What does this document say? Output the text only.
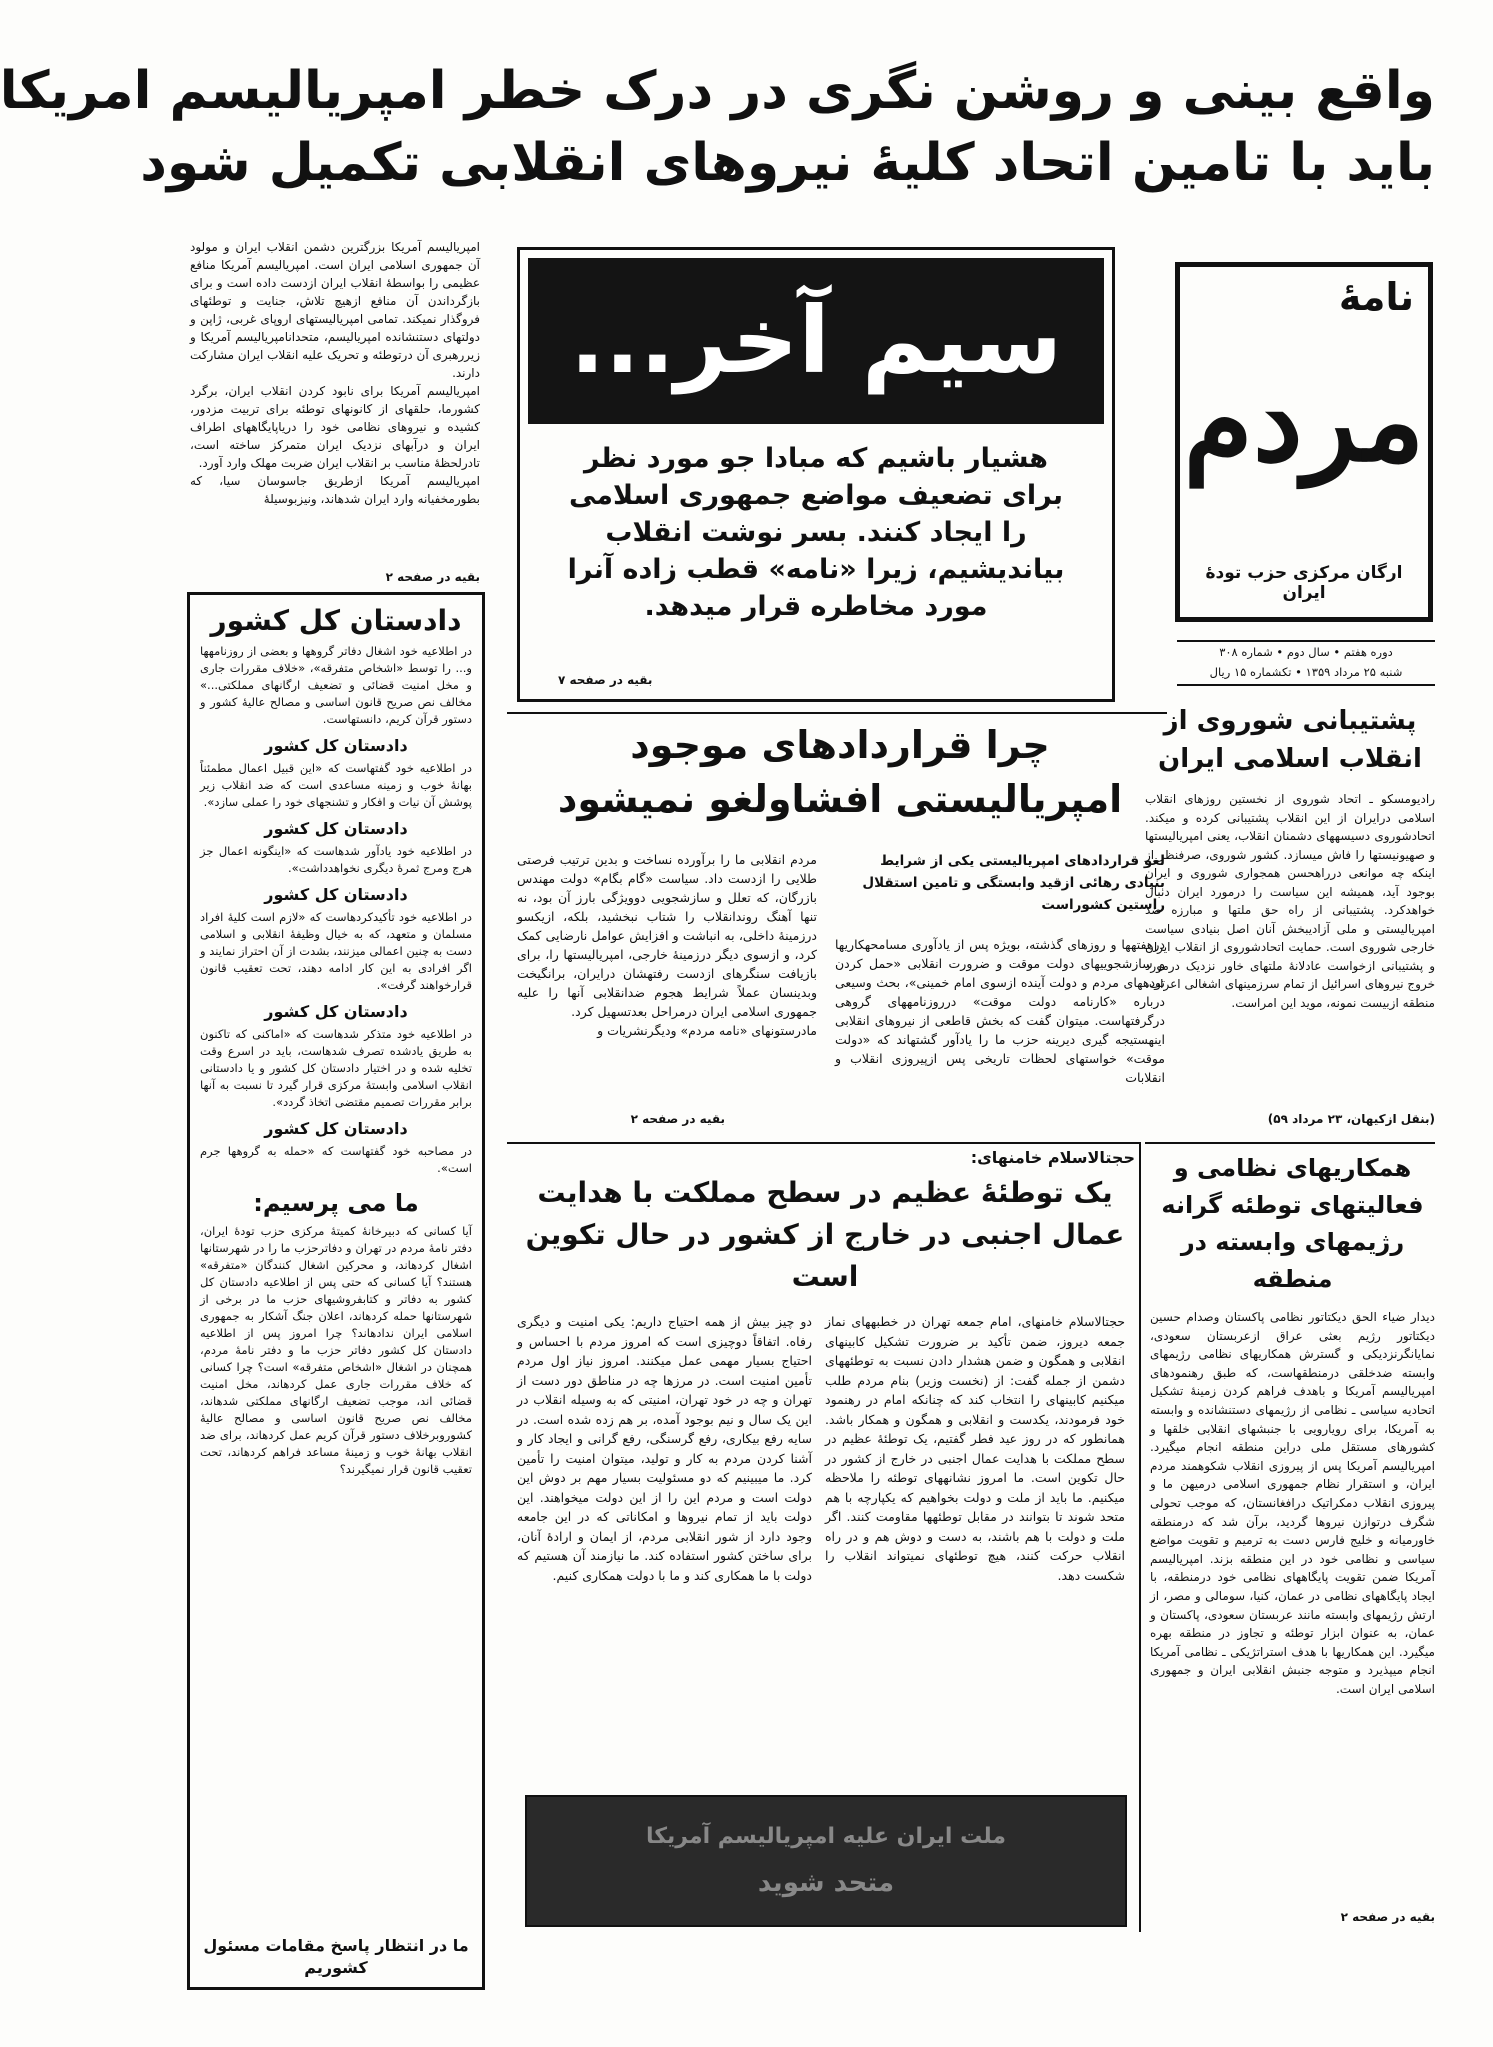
واقع بینی و روشن نگری در درک خطر امپریالیسم امریکا
باید با تامین اتحاد کلیهٔ نیروهای انقلابی تکمیل شود
نامهٔ
مردم
ارگان مرکزی حزب تودهٔ ایران
دوره هفتم • سال دوم • شماره ۳۰۸
شنبه ۲۵ مرداد ۱۳۵۹ • تکشماره ۱۵ ریال

امپریالیسم آمریکا بزرگترین دشمن انقلاب ایران و مولود آن جمهوری اسلامی ایران است. امپریالیسم آمریکا منافع عظیمی را بواسطهٔ انقلاب ایران ازدست داده است و برای بازگرداندن آن منافع ازهیچ تلاش، جنایت و توطئهای فروگذار نمیکند. تمامی امپریالیستهای اروپای غربی، ژاپن و دولتهای دستنشانده امپریالیسم، متحدانامپریالیسم آمریکا و زیررهبری آن درتوطئه و تحریک علیه انقلاب ایران مشارکت دارند.

امپریالیسم آمریکا برای نابود کردن انقلاب ایران، برگرد کشورما، حلقهای از کانونهای توطئه برای تربیت مزدور، کشیده و نیروهای نظامی خود را دریاپایگاههای اطراف ایران و درآبهای نزدیک ایران متمرکز ساخته است، تادرلحظهٔ مناسب بر انقلاب ایران ضربت مهلک وارد آورد.

امپریالیسم آمریکا ازطریق جاسوسان سیا، که بطورمخفیانه وارد ایران شدهاند، ونیزبوسیلهٔ

بقیه در صفحه ۲
سیم آخر...
هشیار باشیم که مبادا جو مورد نظر برای تضعیف مواضع جمهوری اسلامی را ایجاد کنند. بسر نوشت انقلاب بیاندیشیم، زیرا «نامه» قطب زاده آنرا مورد مخاطره قرار میدهد.
بقیه در صفحه ۷
دادستان کل کشور

در اطلاعیه خود اشغال دفاتر گروهها و بعضی از روزنامهها و... را توسط «اشخاص متفرقه»، «خلاف مقررات جاری و مخل امنیت قضائی و تضعیف ارگانهای مملکتی...» مخالف نص صریح قانون اساسی و مصالح عالیهٔ کشور و دستور قرآن کریم، دانستهاست.

دادستان کل کشور

در اطلاعیه خود گفتهاست که «این قبیل اعمال مطمئناً بهانهٔ خوب و زمینه مساعدی است که ضد انقلاب زیر پوشش آن نیات و افکار و تشنجهای خود را عملی سازد».

دادستان کل کشور

در اطلاعیه خود یادآور شدهاست که «اینگونه اعمال جز هرج ومرج ثمرهٔ دیگری نخواهدداشت».

دادستان کل کشور

در اطلاعیه خود تأکیدکردهاست که «لازم است کلیهٔ افراد مسلمان و متعهد، که به خیال وظیفهٔ انقلابی و اسلامی دست به چنین اعمالی میزنند، بشدت از آن احتراز نمایند و اگر افرادی به این کار ادامه دهند، تحت تعقیب قانون قرارخواهند گرفت».

دادستان کل کشور

در اطلاعیه خود متذکر شدهاست که «اماکنی که تاکنون به طریق یادشده تصرف شدهاست، باید در اسرع وقت تخلیه شده و در اختیار دادستان کل کشور و یا دادستانی انقلاب اسلامی وابستهٔ مرکزی قرار گیرد تا نسبت به آنها برابر مقررات تصمیم مقتضی اتخاذ گردد».

دادستان کل کشور

در مصاحبه خود گفتهاست که «حمله به گروهها جرم است».

ما می پرسیم:
آیا کسانی که دبیرخانهٔ کمیتهٔ مرکزی حزب تودهٔ ایران، دفتر نامهٔ مردم در تهران و دفاترحزب ما را در شهرستانها اشغال کردهاند، و محرکین اشغال کنندگان «متفرقه» هستند؟ آیا کسانی که حتی پس از اطلاعیه دادستان کل کشور به دفاتر و کتابفروشیهای حزب ما در برخی از شهرستانها حمله کردهاند، اعلان جنگ آشکار به جمهوری اسلامی ایران ندادهاند؟ چرا امروز پس از اطلاعیه دادستان کل کشور دفاتر حزب ما و دفتر نامهٔ مردم، همچنان در اشغال «اشخاص متفرقه» است؟ چرا کسانی که خلاف مقررات جاری عمل کردهاند، مخل امنیت قضائی اند، موجب تضعیف ارگانهای مملکتی شدهاند، مخالف نص صریح قانون اساسی و مصالح عالیهٔ کشوروبرخلاف دستور قرآن کریم عمل کردهاند، برای ضد انقلاب بهانهٔ خوب و زمینهٔ مساعد فراهم کردهاند، تحت تعقیب قانون قرار نمیگیرند؟
ما در انتظار پاسخ مقامات مسئول کشوریم
چرا قراردادهای موجود امپریالیستی افشاولغو نمیشود
لغو قراردادهای امپریالیستی یکی از شرایط بنیادی رهائی ازقید وابستگی و تامین استقلال راستین کشوراست

درهفتهها و روزهای گذشته، بویژه پس از یادآوری مسامحهکاریها و سازشجوییهای دولت موقت و ضرورت انقلابی «حمل کردن تودههای مردم و دولت آینده ازسوی امام خمینی»، بحث وسیعی درباره «کارنامه دولت موقت» درروزنامههای گروهی درگرفتهاست. میتوان گفت که بخش قاطعی از نیروهای انقلابی اینهستیجه گیری دیرینه حزب ما را یادآور گشتهاند که «دولت موقت» خواستهای لحظات تاریخی پس ازپیروزی انقلاب و انقلابات

مردم انقلابی ما را برآورده نساخت و بدین ترتیب فرصتی طلایی را ازدست داد. سیاست «گام بگام» دولت مهندس بازرگان، که تعلل و سازشجویی دوویژگی بارز آن بود، نه تنها آهنگ روندانقلاب را شتاب نبخشید، بلکه، ازیکسو درزمینهٔ داخلی، به انباشت و افزایش عوامل نارضایی کمک کرد، و ازسوی دیگر درزمینهٔ خارجی، امپریالیستها را، برای بازیافت سنگرهای ازدست رفتهشان درایران، برانگیخت وبدینسان عملاً شرایط هجوم ضدانقلابی آنها را علیه جمهوری اسلامی ایران درمراحل بعدتسهیل کرد.

مادرستونهای «نامه مردم» ودیگرنشریات و

بقیه در صفحه ۲
پشتیبانی شوروی از انقلاب اسلامی ایران

رادیومسکو ـ اتحاد شوروی از نخستین روزهای انقلاب اسلامی درایران از این انقلاب پشتیبانی کرده و میکند. اتحادشوروی دسیسههای دشمنان انقلاب، یعنی امپریالیستها و صهیونیستها را فاش میسازد. کشور شوروی، صرفنظر از اینکه چه موانعی درراهحسن همجواری شوروی و ایران بوجود آید، همیشه این سیاست را درمورد ایران دنبال خواهدکرد. پشتیبانی از راه حق ملتها و مبارزه ضد امپریالیستی و ملی آزادیبخش آنان اصل بنیادی سیاست خارجی شوروی است. حمایت اتحادشوروی از انقلاب ایران و پشتیبانی ازخواست عادلانهٔ ملتهای خاور نزدیک درمورد خروج نیروهای اسرائیل از تمام سرزمینهای اشغالی اعراب، منطقه ازبیست نمونه، موید این امراست.

(بنقل ازکیهان، ۲۳ مرداد ۵۹)
حجتالاسلام خامنهای:
یک توطئهٔ عظیم در سطح مملکت با هدایت عمال اجنبی در خارج از کشور در حال تکوین است

حجتالاسلام خامنهای، امام جمعه تهران در خطبههای نماز جمعه دیروز، ضمن تأکید بر ضرورت تشکیل کابینهای انقلابی و همگون و ضمن هشدار دادن نسبت به توطئههای دشمن از جمله گفت: از (نخست وزیر) بنام مردم طلب میکنیم کابینهای را انتخاب کند که چنانکه امام در رهنمود خود فرمودند، یکدست و انقلابی و همگون و همکار باشد. همانطور که در روز عید فطر گفتیم، یک توطئهٔ عظیم در سطح مملکت با هدایت عمال اجنبی در خارج از کشور در حال تکوین است. ما امروز نشانههای توطئه را ملاحظه میکنیم. ما باید از ملت و دولت بخواهیم که یکپارچه با هم متحد شوند تا بتوانند در مقابل توطئهها مقاومت کنند. اگر ملت و دولت با هم باشند، به دست و دوش هم و در راه انقلاب حرکت کنند، هیچ توطئهای نمیتواند انقلاب را شکست دهد.

دو چیز بیش از همه احتیاج داریم: یکی امنیت و دیگری رفاه. اتفاقاً دوچیزی است که امروز مردم با احساس و احتیاج بسیار مهمی عمل میکنند. امروز نیاز اول مردم تأمین امنیت است. در مرزها چه در مناطق دور دست از تهران و چه در خود تهران، امنیتی که به وسیله انقلاب در این یک سال و نیم بوجود آمده، بر هم زده شده است. در سایه رفع بیکاری، رفع گرسنگی، رفع گرانی و ایجاد کار و آشنا کردن مردم به کار و تولید، میتوان امنیت را تأمین کرد. ما میبینیم که دو مسئولیت بسیار مهم بر دوش این دولت است و مردم این را از این دولت میخواهند. این دولت باید از تمام نیروها و امکاناتی که در این جامعه وجود دارد از شور انقلابی مردم، از ایمان و ارادهٔ آنان، برای ساختن کشور استفاده کند. ما نیازمند آن هستیم که دولت با ما همکاری کند و ما با دولت همکاری کنیم.

ملت ایران علیه امپریالیسم آمریکا
متحد شوید
همکاریهای نظامی و فعالیتهای توطئه گرانه رژیمهای وابسته در منطقه

دیدار ضیاء الحق دیکتاتور نظامی پاکستان وصدام حسین دیکتاتور رژیم بعثی عراق ازعربستان سعودی، نمایانگرنزدیکی و گسترش همکاریهای نظامی رژیمهای وابسته ضدخلقی درمنطقهاست، که طبق رهنمودهای امپریالیسم آمریکا و باهدف فراهم کردن زمینهٔ تشکیل اتحادیه سیاسی ـ نظامی از رژیمهای دستنشانده و وابسته به آمریکا، برای رویارویی با جنبشهای انقلابی خلقها و کشورهای مستقل ملی دراین منطقه انجام میگیرد. امپریالیسم آمریکا پس از پیروزی انقلاب شکوهمند مردم ایران، و استقرار نظام جمهوری اسلامی درمیهن ما و پیروزی انقلاب دمکراتیک درافغانستان، که موجب تحولی شگرف درتوازن نیروها گردید، برآن شد که درمنطقه خاورمیانه و خلیج فارس دست به ترمیم و تقویت مواضع سیاسی و نظامی خود در این منطقه بزند. امپریالیسم آمریکا ضمن تقویت پایگاههای نظامی خود درمنطقه، با ایجاد پایگاههای نظامی در عمان، کنیا، سومالی و مصر، از ارتش رژیمهای وابسته مانند عربستان سعودی، پاکستان و عمان، به عنوان ابزار توطئه و تجاوز در منطقه بهره میگیرد. این همکاریها با هدف استراتژیکی ـ نظامی آمریکا انجام میپذیرد و متوجه جنبش انقلابی ایران و جمهوری اسلامی ایران است.

بقیه در صفحه ۲
